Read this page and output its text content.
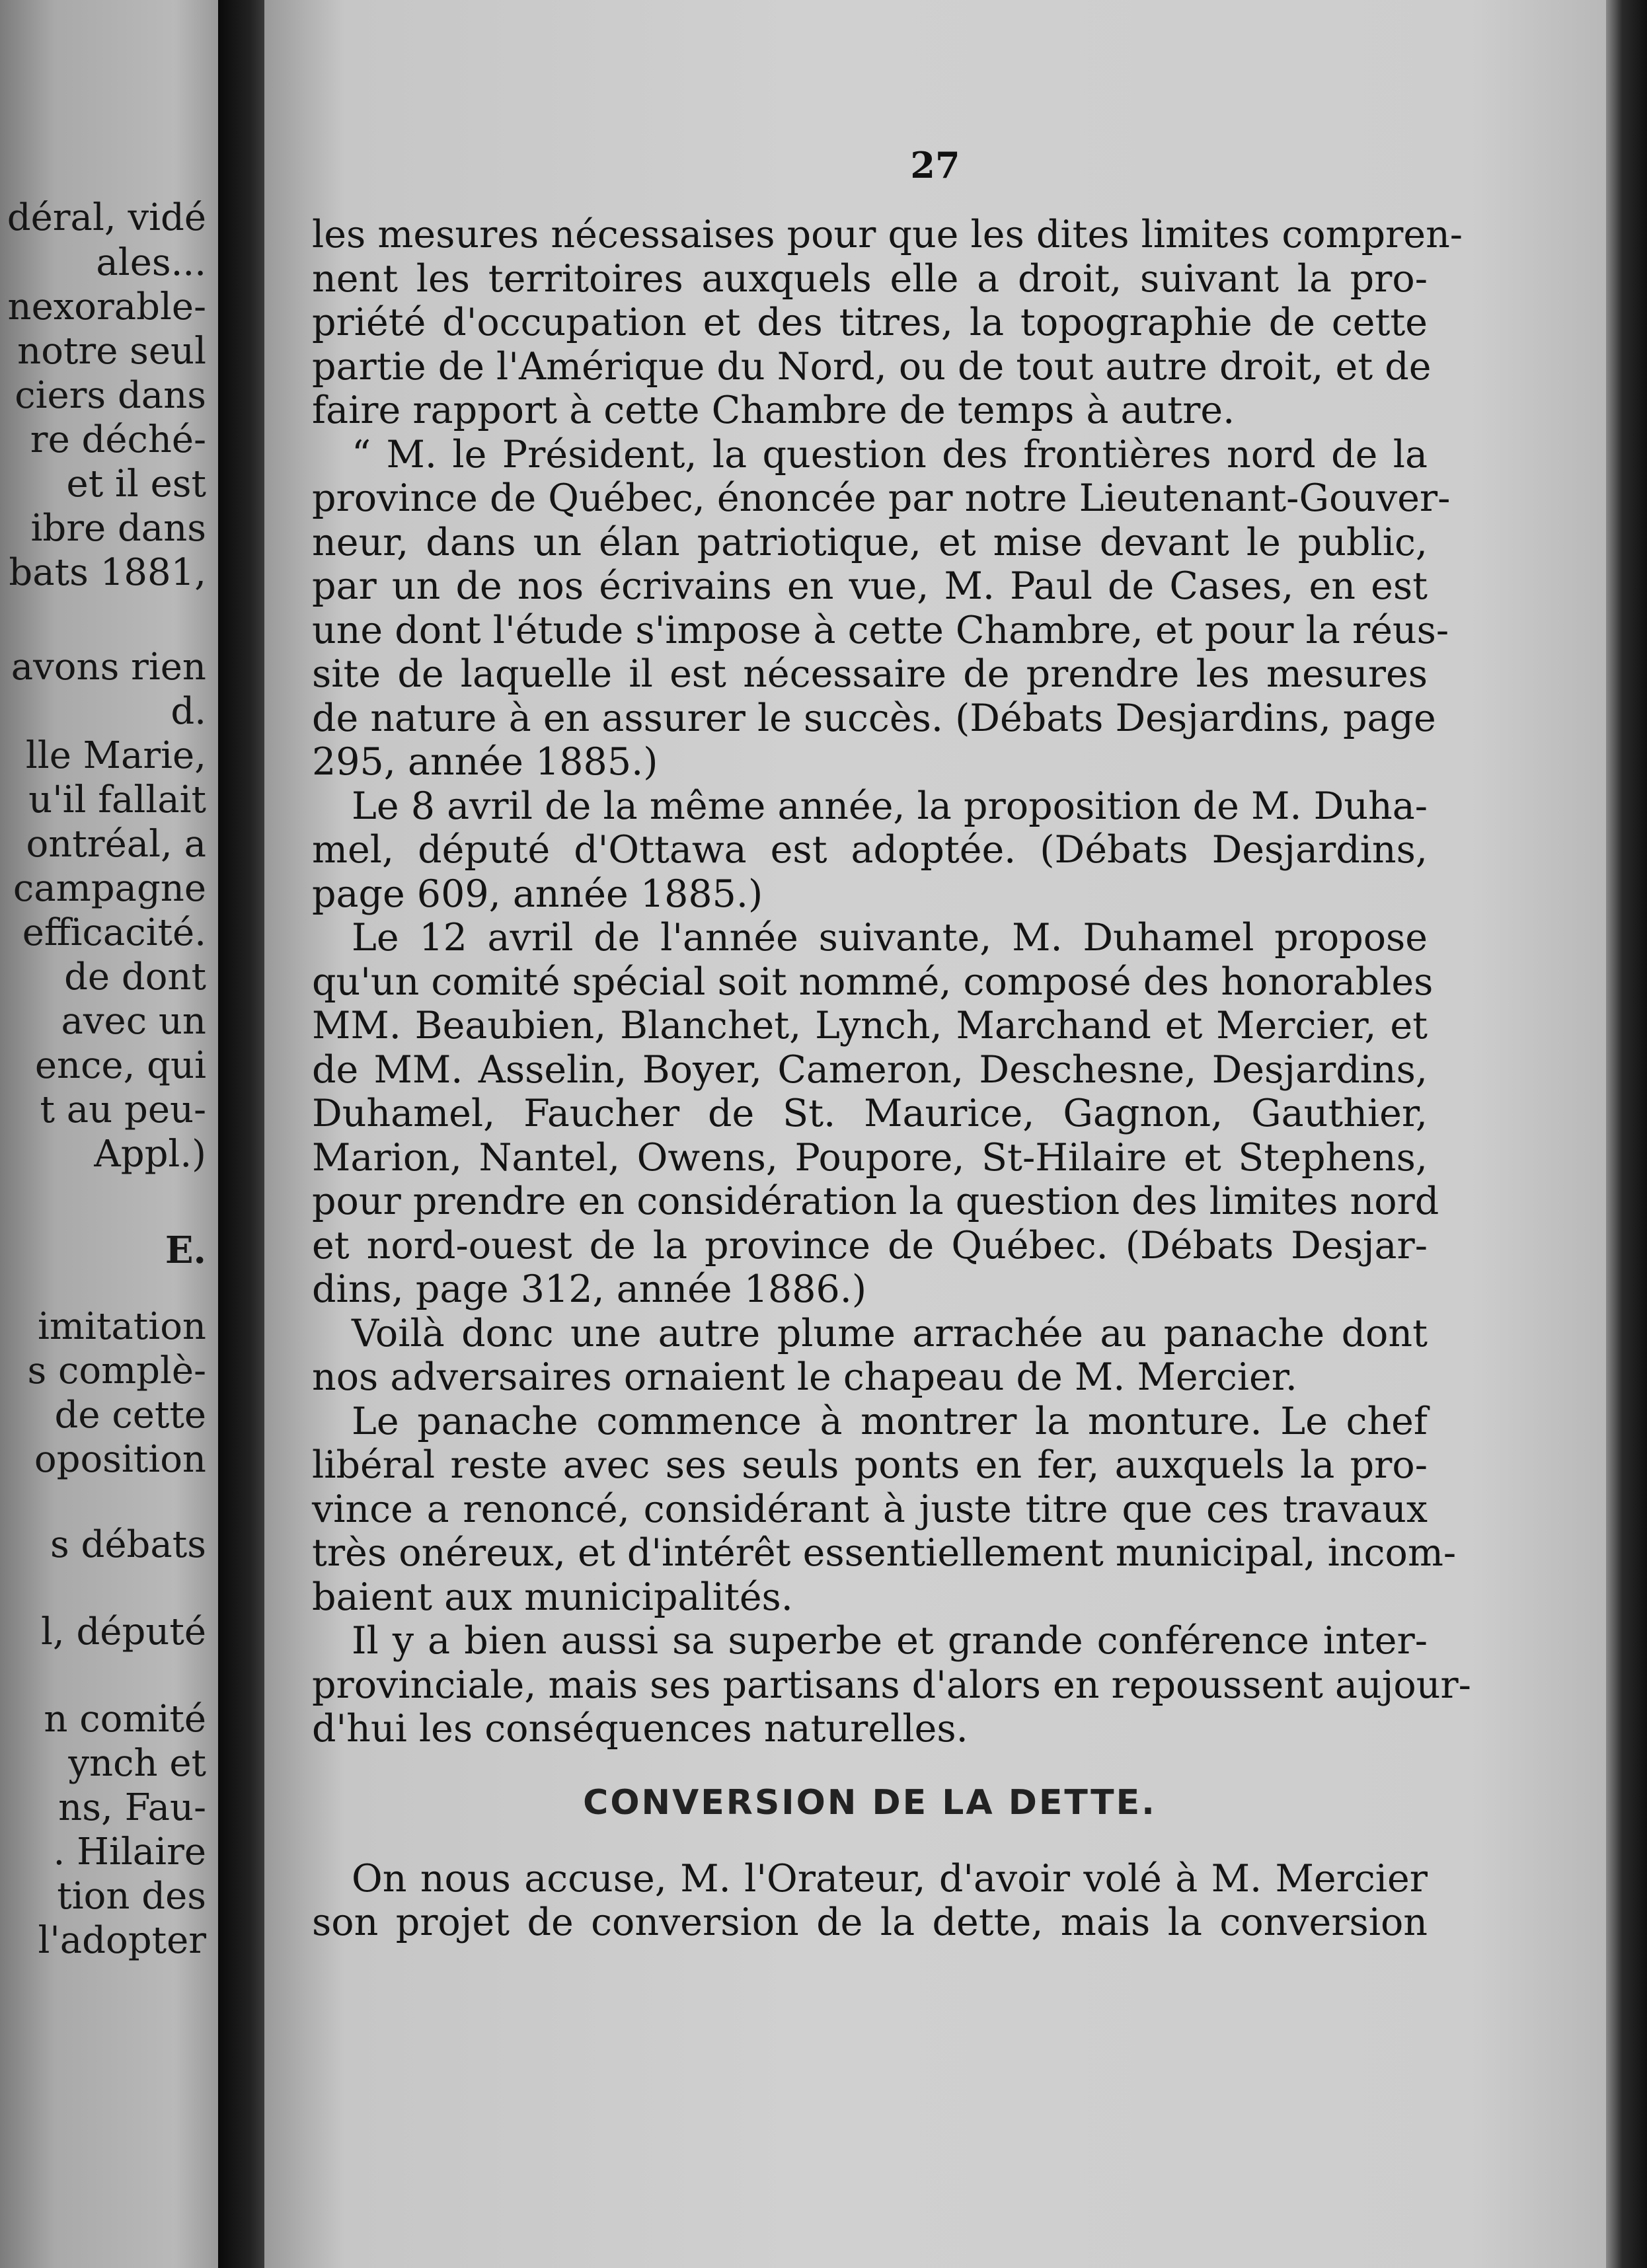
déral, vidé
ales...
nexorable-
notre seul
ciers dans
re déché-
et il est
ibre dans
bats 1881,
avons rien
d.
lle Marie,
u'il fallait
ontréal, a
campagne
efficacité.
de dont
avec un
ence, qui
t au peu-
Appl.)
E.
imitation
s complè-
de cette
oposition
s débats
l, député
n comité
ynch et
ns, Fau-
. Hilaire
tion des
l'adopter
27
les mesures nécessaises pour que les dites limites compren-
nent les territoires auxquels elle a droit, suivant la pro-
priété d'occupation et des titres, la topographie de cette
partie de l'Amérique du Nord, ou de tout autre droit, et de
faire rapport à cette Chambre de temps à autre.
“ M. le Président, la question des frontières nord de la
province de Québec, énoncée par notre Lieutenant-Gouver-
neur, dans un élan patriotique, et mise devant le public,
par un de nos écrivains en vue, M. Paul de Cases, en est
une dont l'étude s'impose à cette Chambre, et pour la réus-
site de laquelle il est nécessaire de prendre les mesures
de nature à en assurer le succès. (Débats Desjardins, page
295, année 1885.)
Le 8 avril de la même année, la proposition de M. Duha-
mel, député d'Ottawa est adoptée. (Débats Desjardins,
page 609, année 1885.)
Le 12 avril de l'année suivante, M. Duhamel propose
qu'un comité spécial soit nommé, composé des honorables
MM. Beaubien, Blanchet, Lynch, Marchand et Mercier, et
de MM. Asselin, Boyer, Cameron, Deschesne, Desjardins,
Duhamel, Faucher de St. Maurice, Gagnon, Gauthier,
Marion, Nantel, Owens, Poupore, St-Hilaire et Stephens,
pour prendre en considération la question des limites nord
et nord-ouest de la province de Québec. (Débats Desjar-
dins, page 312, année 1886.)
Voilà donc une autre plume arrachée au panache dont
nos adversaires ornaient le chapeau de M. Mercier.
Le panache commence à montrer la monture. Le chef
libéral reste avec ses seuls ponts en fer, auxquels la pro-
vince a renoncé, considérant à juste titre que ces travaux
très onéreux, et d'intérêt essentiellement municipal, incom-
baient aux municipalités.
Il y a bien aussi sa superbe et grande conférence inter-
provinciale, mais ses partisans d'alors en repoussent aujour-
d'hui les conséquences naturelles.
CONVERSION DE LA DETTE.
On nous accuse, M. l'Orateur, d'avoir volé à M. Mercier
son projet de conversion de la dette, mais la conversion
